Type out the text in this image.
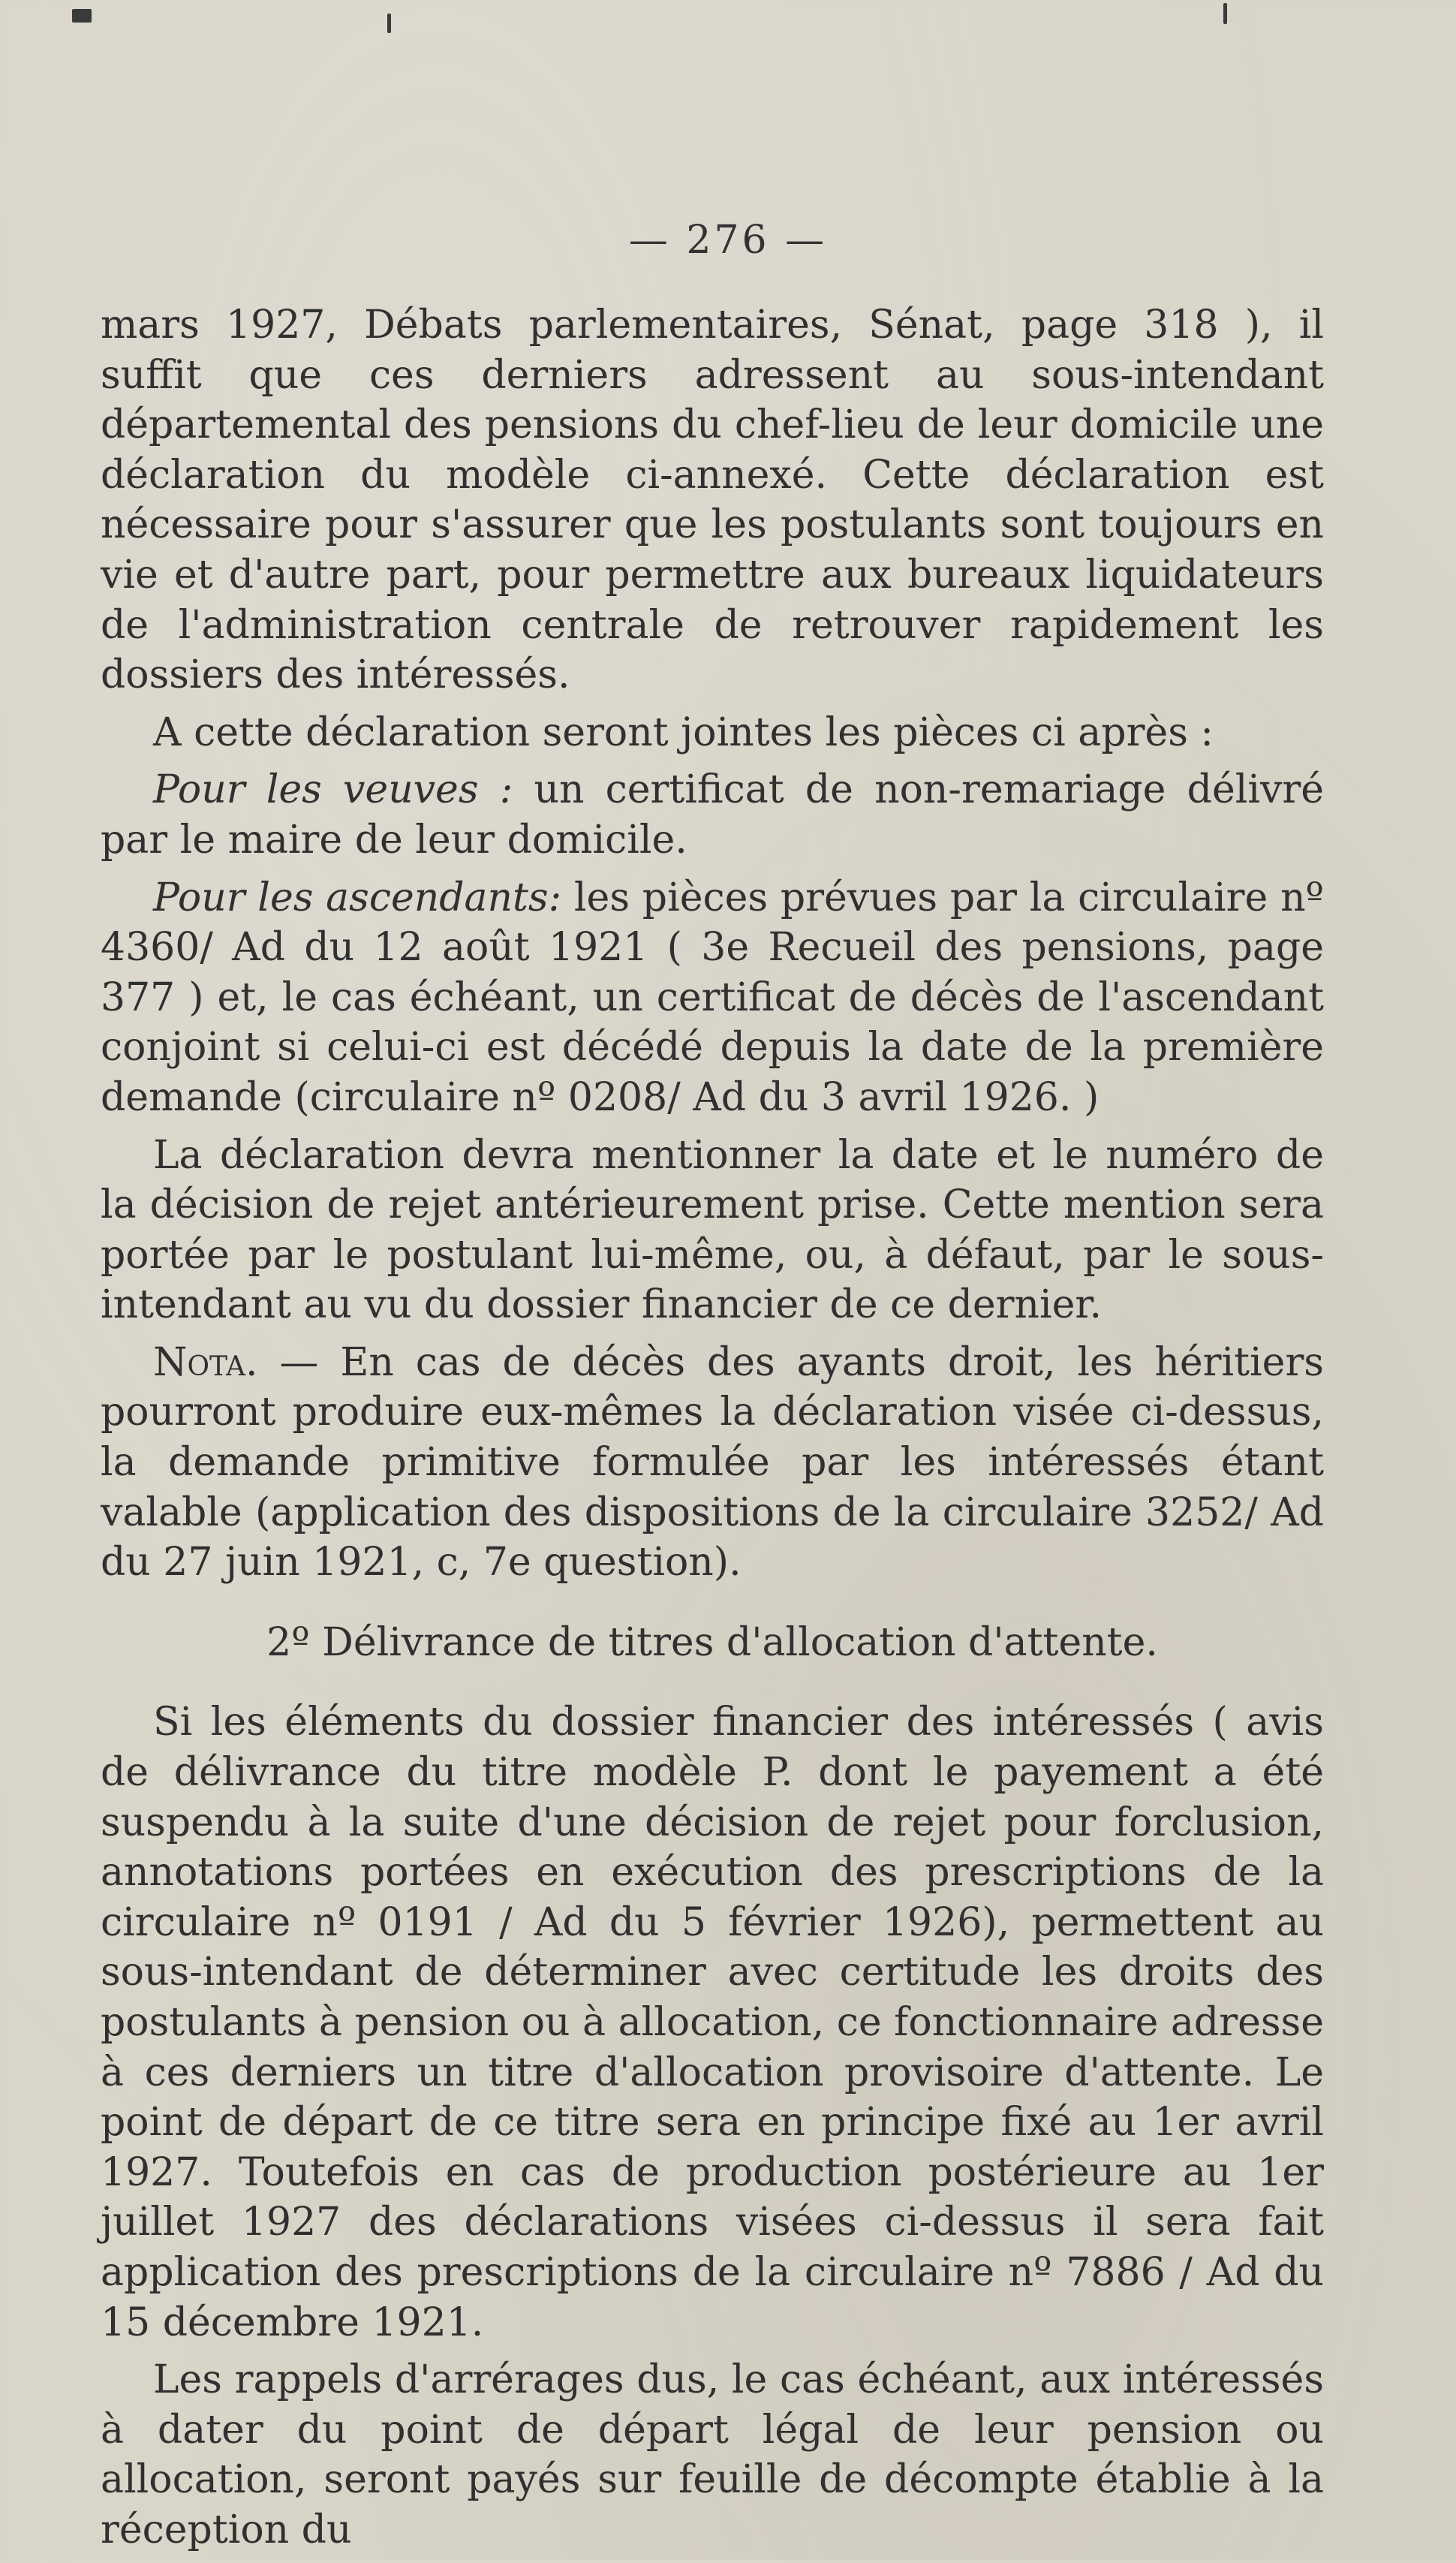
— 276 —

mars 1927, Débats parlementaires, Sénat, page 318 ), il suffit que ces derniers adressent au sous-intendant départemental des pensions du chef-lieu de leur domicile une déclaration du modèle ci-annexé. Cette déclaration est nécessaire pour s'assurer que les postulants sont toujours en vie et d'autre part, pour permettre aux bureaux liquidateurs de l'administration centrale de retrouver rapidement les dossiers des intéressés.

A cette déclaration seront jointes les pièces ci après :

Pour les veuves : un certificat de non-remariage délivré par le maire de leur domicile.

Pour les ascendants: les pièces prévues par la circulaire nº 4360/ Ad du 12 août 1921 ( 3e Recueil des pensions, page 377 ) et, le cas échéant, un certificat de décès de l'ascendant conjoint si celui-ci est décédé depuis la date de la première demande (circulaire nº 0208/ Ad du 3 avril 1926. )

La déclaration devra mentionner la date et le numéro de la décision de rejet antérieurement prise. Cette mention sera portée par le postulant lui-même, ou, à défaut, par le sous-intendant au vu du dossier financier de ce dernier.

Nota. — En cas de décès des ayants droit, les héritiers pourront produire eux-mêmes la déclaration visée ci-dessus, la demande primitive formulée par les intéressés étant valable (application des dispositions de la circulaire 3252/ Ad du 27 juin 1921, c, 7e question).

2º Délivrance de titres d'allocation d'attente.

Si les éléments du dossier financier des intéressés ( avis de délivrance du titre modèle P. dont le payement a été suspendu à la suite d'une décision de rejet pour forclusion, annotations portées en exécution des prescriptions de la circulaire nº 0191 / Ad du 5 février 1926), permettent au sous-intendant de déterminer avec certitude les droits des postulants à pension ou à allocation, ce fonctionnaire adresse à ces derniers un titre d'allocation provisoire d'attente. Le point de départ de ce titre sera en principe fixé au 1er avril 1927. Toutefois en cas de production postérieure au 1er juillet 1927 des déclarations visées ci-dessus il sera fait application des prescriptions de la circulaire nº 7886 / Ad du 15 décembre 1921.

Les rappels d'arrérages dus, le cas échéant, aux intéressés à dater du point de départ légal de leur pension ou allocation, seront payés sur feuille de décompte établie à la réception du
